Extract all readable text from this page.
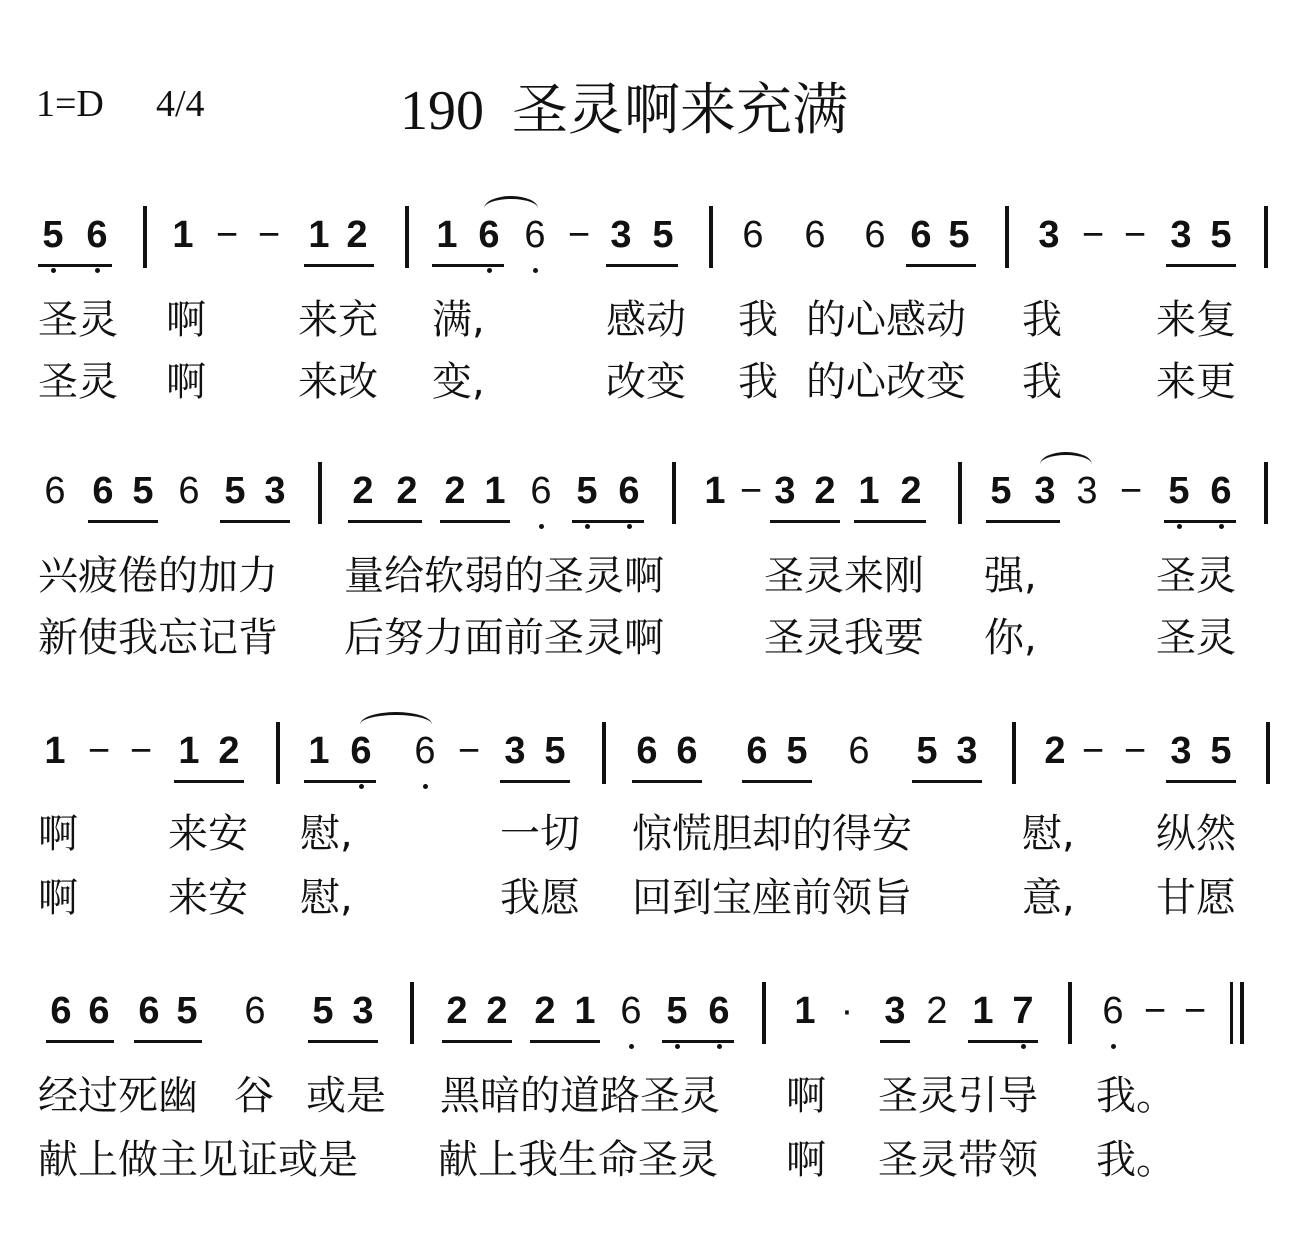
1=D 4/4	190 圣灵啊来充满
5 6 1 − − 1 2 1 6 6 − 3 5 6 6 6 6 5 3 − − 3 5
圣灵 啊 来充 满,	感动 我 的心感动 我 来复
圣灵 啊 来改 变,	改变 我 的心改变 我 来更
6 6 5 6 5 3 2 2 2 1 6 5 6 1 − 3 2 1 2 5 3 3 − 5 6
兴疲倦的加力 量给软弱的圣灵啊	圣灵来刚 强,	圣灵
新使我忘记背 后努力面前圣灵啊	圣灵我要 你,	圣灵
1 − − 1 2 1 6 6 − 3 5 6 6 6 5 6 5 3 2 − − 3 5
啊 来安 慰,	一切 惊慌胆却的得安	慰, 纵然
啊 来安 慰,	我愿 回到宝座前领旨	意, 甘愿
6 6 6 5 6 5 3 2 2 2 1 6 5 6 1 · 3 2 1 7 6 − −
经过死幽 谷 或是 黑暗的道路圣灵 啊 圣灵引导 我。
献上做主见证或是 献上我生命圣灵 啊 圣灵带领 我。
5 6 | 1 − − 1 2 | 1 6 6 − 3 5 | 6 6 6 6 5 | 3 − − 3 5 | 6 6 5 6 5 3 | 2 2 2 1 6 5 6 | 1 − 3 2 1 2 | 5 3 3 − 5 6 | 1 − − 1 2 | 1 6 6 − 3 5 | 6 6 6 5 6 5 3 | 2 − − 3 5 | 6 6 6 5 6 5 3 | 2 2 2 1 6 5 6 | 1 · 3 2 1 7 | 6 − − ||
